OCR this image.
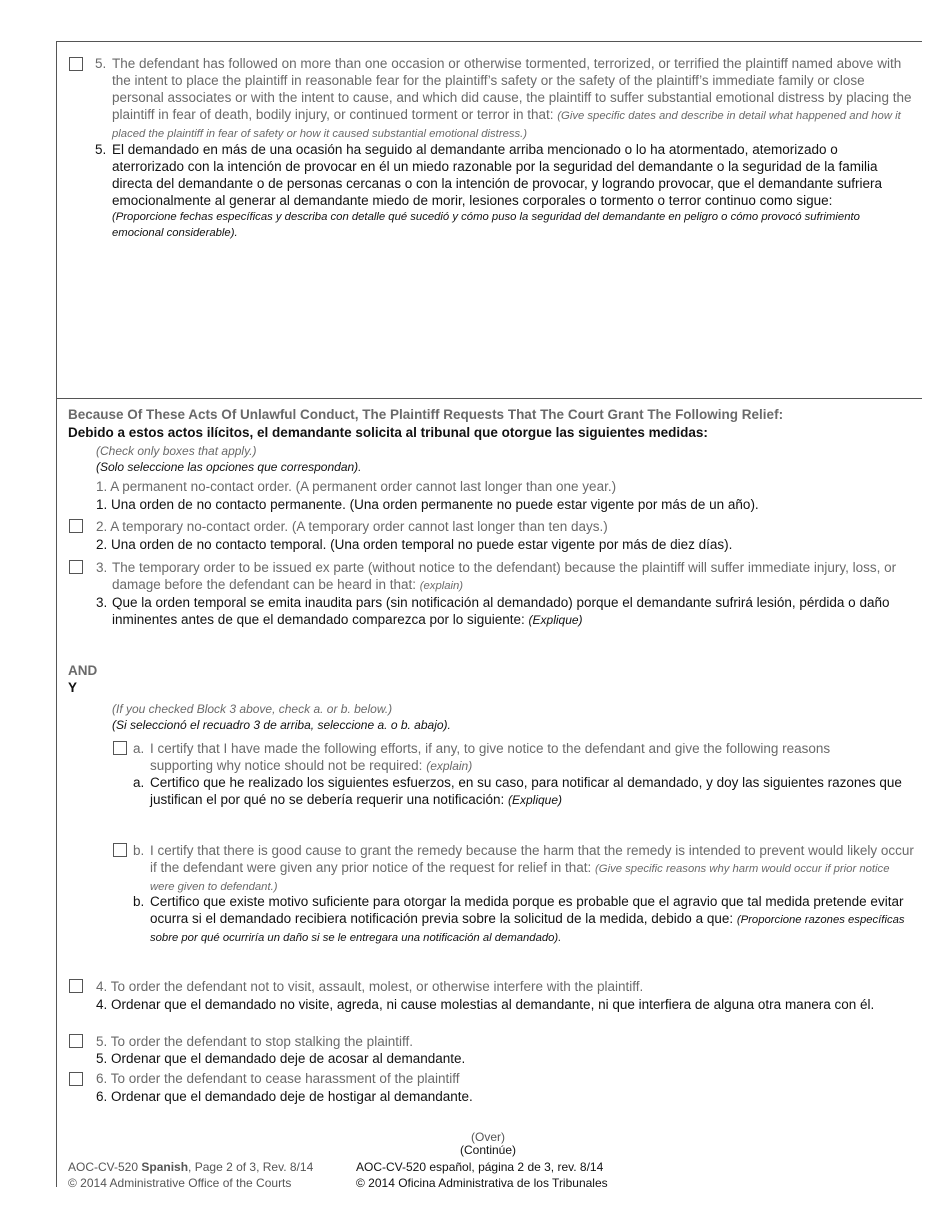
5. The defendant has followed on more than one occasion or otherwise tormented, terrorized, or terrified the plaintiff named above with the intent to place the plaintiff in reasonable fear for the plaintiff’s safety or the safety of the plaintiff’s immediate family or close personal associates or with the intent to cause, and which did cause, the plaintiff to suffer substantial emotional distress by placing the plaintiff in fear of death, bodily injury, or continued torment or terror in that: (Give specific dates and describe in detail what happened and how it placed the plaintiff in fear of safety or how it caused substantial emotional distress.)
5. El demandado en más de una ocasión ha seguido al demandante arriba mencionado o lo ha atormentado, atemorizado o aterrorizado con la intención de provocar en él un miedo razonable por la seguridad del demandante o la seguridad de la familia directa del demandante o de personas cercanas o con la intención de provocar, y logrando provocar, que el demandante sufriera emocionalmente al generar al demandante miedo de morir, lesiones corporales o tormento o terror continuo como sigue:
(Proporcione fechas específicas y describa con detalle qué sucedió y cómo puso la seguridad del demandante en peligro o cómo provocó sufrimiento emocional considerable).
Because Of These Acts Of Unlawful Conduct, The Plaintiff Requests That The Court Grant The Following Relief:
Debido a estos actos ilícitos, el demandante solicita al tribunal que otorgue las siguientes medidas:
(Check only boxes that apply.)
(Solo seleccione las opciones que correspondan).
1. A permanent no-contact order. (A permanent order cannot last longer than one year.)
1. Una orden de no contacto permanente. (Una orden permanente no puede estar vigente por más de un año).
2. A temporary no-contact order. (A temporary order cannot last longer than ten days.)
2. Una orden de no contacto temporal. (Una orden temporal no puede estar vigente por más de diez días).
3. The temporary order to be issued ex parte (without notice to the defendant) because the plaintiff will suffer immediate injury, loss, or damage before the defendant can be heard in that: (explain)
3. Que la orden temporal se emita inaudita pars (sin notificación al demandado) porque el demandante sufrirá lesión, pérdida o daño inminentes antes de que el demandado comparezca por lo siguiente: (Explique)
AND
Y
(If you checked Block 3 above, check a. or b. below.)
(Si seleccionó el recuadro 3 de arriba, seleccione a. o b. abajo).
a. I certify that I have made the following efforts, if any, to give notice to the defendant and give the following reasons supporting why notice should not be required: (explain)
a. Certifico que he realizado los siguientes esfuerzos, en su caso, para notificar al demandado, y doy las siguientes razones que justifican el por qué no se debería requerir una notificación: (Explique)
b. I certify that there is good cause to grant the remedy because the harm that the remedy is intended to prevent would likely occur if the defendant were given any prior notice of the request for relief in that: (Give specific reasons why harm would occur if prior notice were given to defendant.)
b. Certifico que existe motivo suficiente para otorgar la medida porque es probable que el agravio que tal medida pretende evitar ocurra si el demandado recibiera notificación previa sobre la solicitud de la medida, debido a que: (Proporcione razones específicas sobre por qué ocurriría un daño si se le entregara una notificación al demandado).
4. To order the defendant not to visit, assault, molest, or otherwise interfere with the plaintiff.
4. Ordenar que el demandado no visite, agreda, ni cause molestias al demandante, ni que interfiera de alguna otra manera con él.
5. To order the defendant to stop stalking the plaintiff.
5. Ordenar que el demandado deje de acosar al demandante.
6. To order the defendant to cease harassment of the plaintiff
6. Ordenar que el demandado deje de hostigar al demandante.
(Over)
(Continúe)
AOC-CV-520 Spanish, Page 2 of 3, Rev. 8/14
© 2014 Administrative Office of the Courts
AOC-CV-520 español, página 2 de 3, rev. 8/14
© 2014 Oficina Administrativa de los Tribunales
